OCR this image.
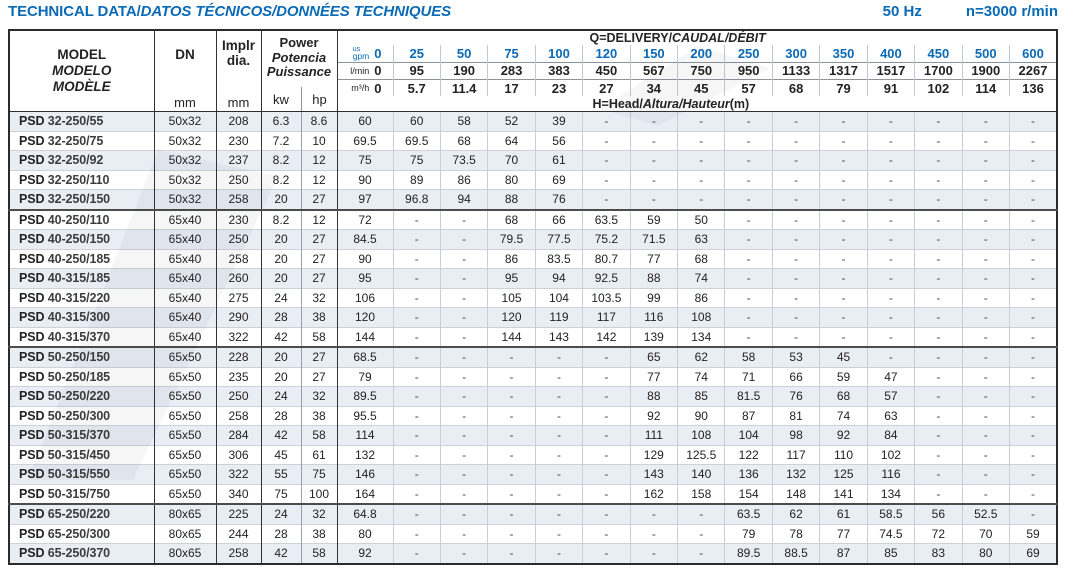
TECHNICAL DATA/DATOS TÉCNICOS/DONNÉES TECHNIQUES	50 Hz	n=3000 r/min
MODEL
MODELO
MODÈLE

DN
mm

Implr
dia.
mm

Power
Potencia
Puissance
kw	hp
	Q=DELIVERY/CAUDAL/DÉBIT

					us
gpm 0	25	50	75	100	120	150	200	250	300	350	400	450	500	600

					l/min 0	95	190	283	383	450	567	750	950	1133	1317	1517	1700	1900	2267

					m³/h 0	5.7	11.4	17	23	27	34	45	57	68	79	91	102	114	136
					H=Head/Altura/Hauteur(m)														
PSD 32-250/55	50x32	208	6.3	8.6	60	60	58	52	39	-	-	-	-	-	-	-	-	-	-
PSD 32-250/75	50x32	230	7.2	10	69.5	69.5	68	64	56	-	-	-	-	-	-	-	-	-	-
PSD 32-250/92	50x32	237	8.2	12	75	75	73.5	70	61	-	-	-	-	-	-	-	-	-	-
PSD 32-250/110	50x32	250	8.2	12	90	89	86	80	69	-	-	-	-	-	-	-	-	-	-
PSD 32-250/150	50x32	258	20	27	97	96.8	94	88	76	-	-	-	-	-	-	-	-	-	-
PSD 40-250/110	65x40	230	8.2	12	72	-	-	68	66	63.5	59	50	-	-	-	-	-	-	-
PSD 40-250/150	65x40	250	20	27	84.5	-	-	79.5	77.5	75.2	71.5	63	-	-	-	-	-	-	-
PSD 40-250/185	65x40	258	20	27	90	-	-	86	83.5	80.7	77	68	-	-	-	-	-	-	-
PSD 40-315/185	65x40	260	20	27	95	-	-	95	94	92.5	88	74	-	-	-	-	-	-	-
PSD 40-315/220	65x40	275	24	32	106	-	-	105	104	103.5	99	86	-	-	-	-	-	-	-
PSD 40-315/300	65x40	290	28	38	120	-	-	120	119	117	116	108	-	-	-	-	-	-	-
PSD 40-315/370	65x40	322	42	58	144	-	-	144	143	142	139	134	-	-	-	-	-	-	-
PSD 50-250/150	65x50	228	20	27	68.5	-	-	-	-	-	65	62	58	53	45	-	-	-	-
PSD 50-250/185	65x50	235	20	27	79	-	-	-	-	-	77	74	71	66	59	47	-	-	-
PSD 50-250/220	65x50	250	24	32	89.5	-	-	-	-	-	88	85	81.5	76	68	57	-	-	-
PSD 50-250/300	65x50	258	28	38	95.5	-	-	-	-	-	92	90	87	81	74	63	-	-	-
PSD 50-315/370	65x50	284	42	58	114	-	-	-	-	-	111	108	104	98	92	84	-	-	-
PSD 50-315/450	65x50	306	45	61	132	-	-	-	-	-	129	125.5	122	117	110	102	-	-	-
PSD 50-315/550	65x50	322	55	75	146	-	-	-	-	-	143	140	136	132	125	116	-	-	-
PSD 50-315/750	65x50	340	75	100	164	-	-	-	-	-	162	158	154	148	141	134	-	-	-
PSD 65-250/220	80x65	225	24	32	64.8	-	-	-	-	-	-	-	63.5	62	61	58.5	56	52.5	-
PSD 65-250/300	80x65	244	28	38	80	-	-	-	-	-	-	-	79	78	77	74.5	72	70	59
PSD 65-250/370	80x65	258	42	58	92	-	-	-	-	-	-	-	89.5	88.5	87	85	83	80	69
